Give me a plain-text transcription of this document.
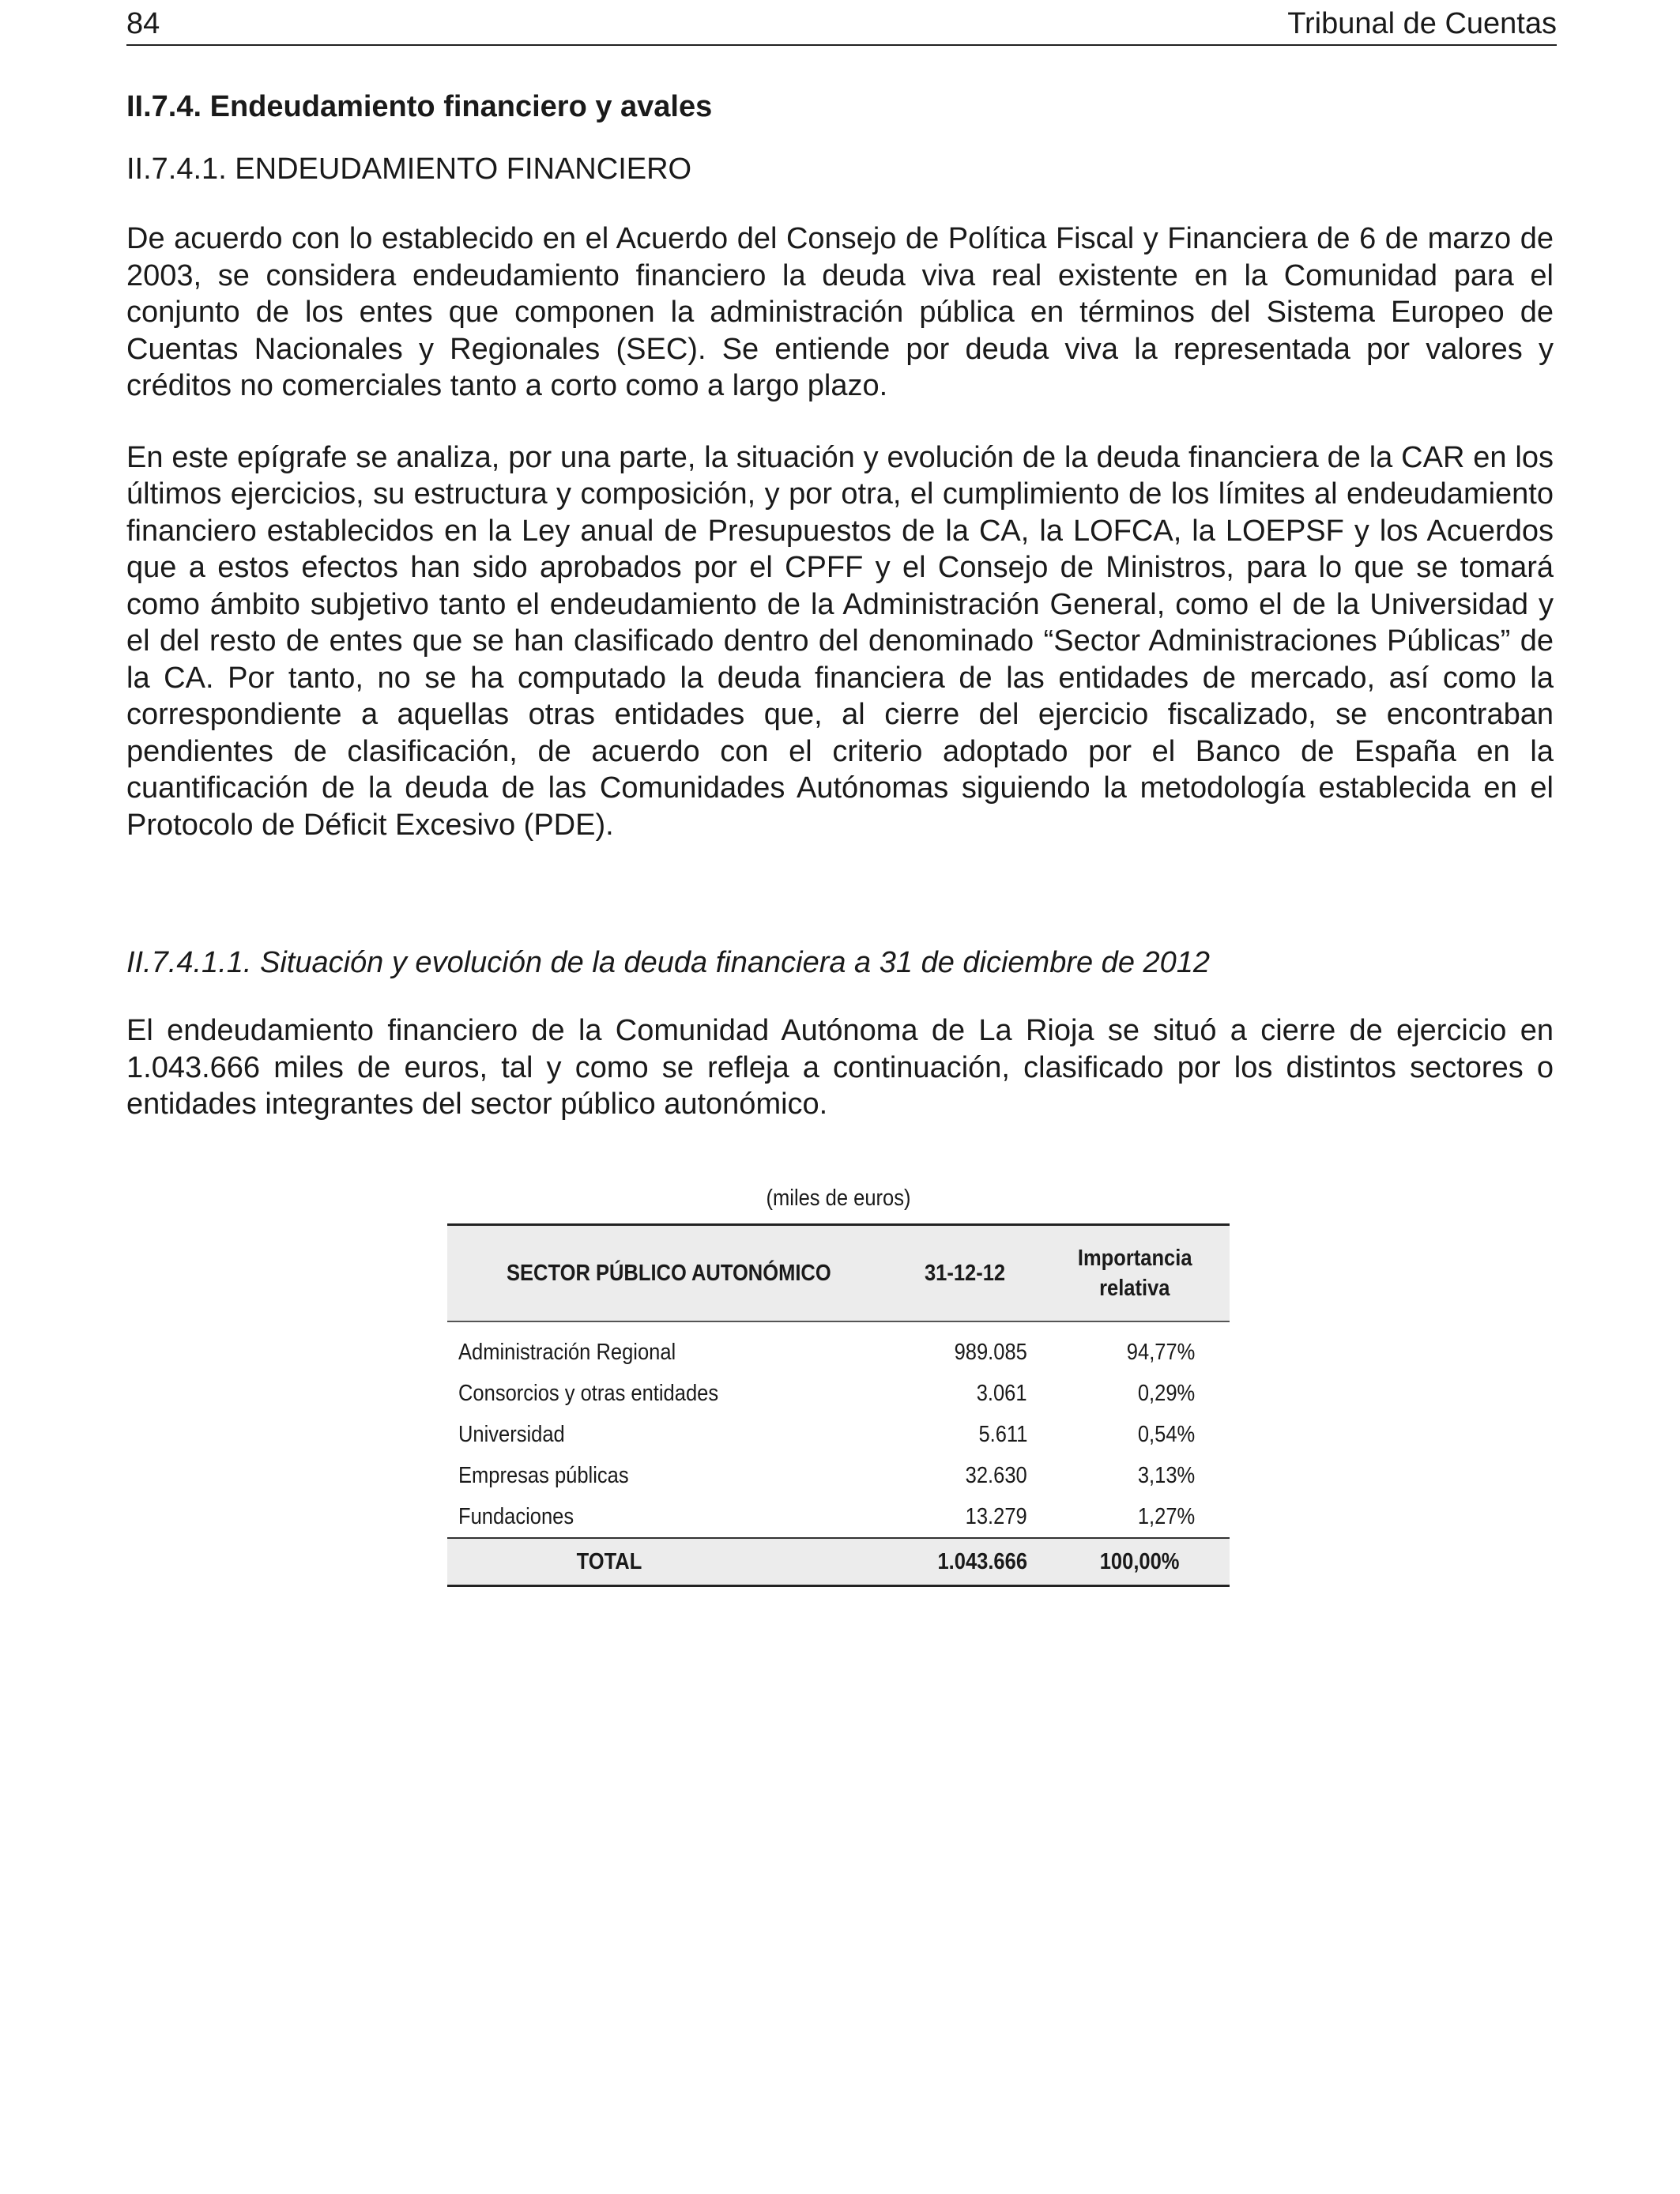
84	Tribunal de Cuentas
II.7.4. Endeudamiento financiero y avales
II.7.4.1. ENDEUDAMIENTO FINANCIERO

De acuerdo con lo establecido en el Acuerdo del Consejo de Política Fiscal y Financiera de 6 de marzo de 2003, se considera endeudamiento financiero la deuda viva real existente en la Comunidad para el conjunto de los entes que componen la administración pública en términos del Sistema Europeo de Cuentas Nacionales y Regionales (SEC). Se entiende por deuda viva la representada por valores y créditos no comerciales tanto a corto como a largo plazo.

En este epígrafe se analiza, por una parte, la situación y evolución de la deuda financiera de la CAR en los últimos ejercicios, su estructura y composición, y por otra, el cumplimiento de los límites al endeudamiento financiero establecidos en la Ley anual de Presupuestos de la CA, la LOFCA, la LOEPSF y los Acuerdos que a estos efectos han sido aprobados por el CPFF y el Consejo de Ministros, para lo que se tomará como ámbito subjetivo tanto el endeudamiento de la Administración General, como el de la Universidad y el del resto de entes que se han clasificado dentro del denominado “Sector Administraciones Públicas” de la CA. Por tanto, no se ha computado la deuda financiera de las entidades de mercado, así como la correspondiente a aquellas otras entidades que, al cierre del ejercicio fiscalizado, se encontraban pendientes de clasificación, de acuerdo con el criterio adoptado por el Banco de España en la cuantificación de la deuda de las Comunidades Autónomas siguiendo la metodología establecida en el Protocolo de Déficit Excesivo (PDE).

II.7.4.1.1. Situación y evolución de la deuda financiera a 31 de diciembre de 2012

El endeudamiento financiero de la Comunidad Autónoma de La Rioja se situó a cierre de ejercicio en 1.043.666 miles de euros, tal y como se refleja a continuación, clasificado por los distintos sectores o entidades integrantes del sector público autonómico.

(miles de euros)
SECTOR PÚBLICO AUTONÓMICO	31-12-12	Importancia
relativa
Administración Regional	989.085	94,77%
Consorcios y otras entidades	3.061	0,29%
Universidad	5.611	0,54%
Empresas públicas	32.630	3,13%
Fundaciones	13.279	1,27%
TOTAL	1.043.666	100,00%
